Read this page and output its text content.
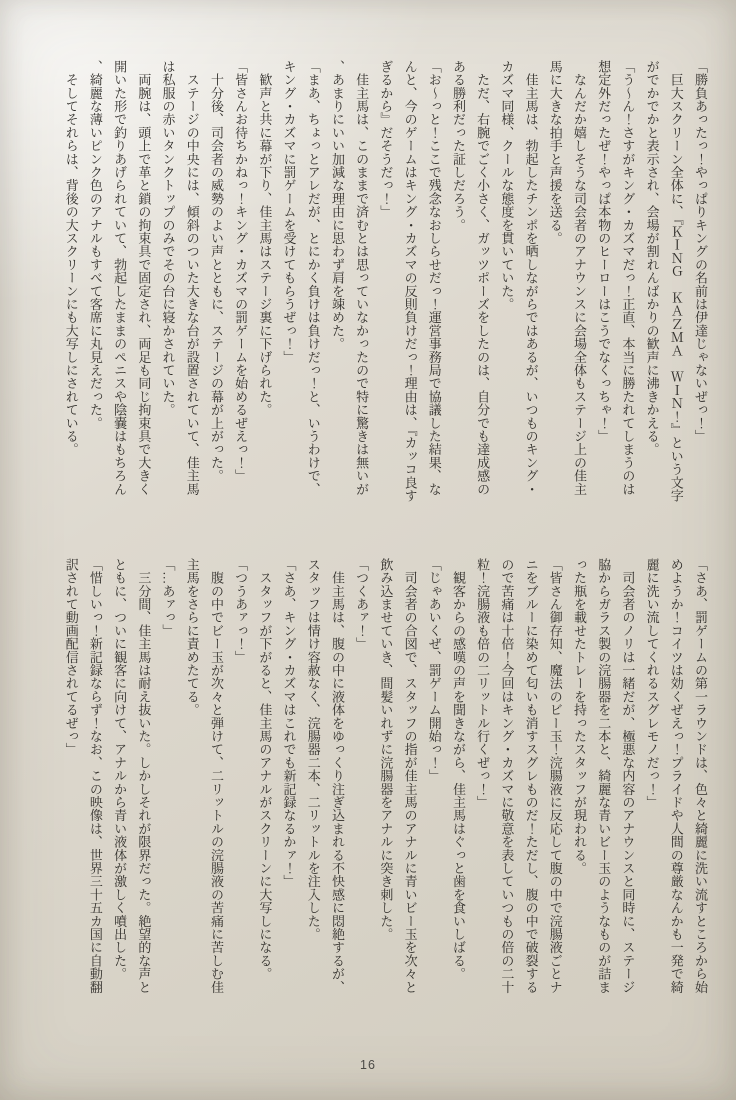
「勝負あったっ！やっぱりキングの名前は伊達じゃないぜっ！」

　巨大スクリーン全体に、『ＫＩＮＧ　ＫＡＺＭＡ　ＷＩＮ！』という文字がでかでかと表示され、会場が割れんばかりの歓声に沸きかえる。

「う〜ん！さすがキング・カズマだっ！正直、本当に勝たれてしまうのは想定外だったぜ！やっぱ本物のヒーローはこうでなくっちゃ！」

　なんだか嬉しそうな司会者のアナウンスに会場全体もステージ上の佳主馬に大きな拍手と声援を送る。

　佳主馬は、勃起したチンポを晒しながらではあるが、いつものキング・カズマ同様、クールな態度を貫いていた。

　ただ、右腕でごく小さく、ガッツポーズをしたのは、自分でも達成感のある勝利だった証しだろう。

「お〜っと！ここで残念なおしらせだっ！運営事務局で協議した結果、なんと、今のゲームはキング・カズマの反則負けだっ！理由は、『カッコ良すぎるから』だそうだっ！」

　佳主馬は、このままで済むとは思っていなかったので特に驚きは無いが、あまりにいい加減な理由に思わず肩を竦めた。

「まあ、ちょっとアレだが、とにかく負けは負けだっ！と、いうわけで、キング・カズマに罰ゲームを受けてもらうぜっ！」

　歓声と共に幕が下り、佳主馬はステージ裏に下げられた。

「皆さんお待ちかねっ！キング・カズマの罰ゲームを始めるぜえっ！」

　十分後、司会者の威勢のよい声とともに、ステージの幕が上がった。

　ステージの中央には、傾斜のついた大きな台が設置されていて、佳主馬は私服の赤いタンクトップのみでその台に寝かされていた。

　両腕は、頭上で革と鎖の拘束具で固定され、両足も同じ拘束具で大きく開いた形で釣りあげられていて、勃起したままのペニスや陰嚢はもちろん、綺麗な薄いピンク色のアナルもすべて客席に丸見えだった。

　そしてそれらは、背後の大スクリーンにも大写しにされている。

「さあ、罰ゲームの第一ラウンドは、色々と綺麗に洗い流すところから始めようか！コイツは効くぜえっ！プライドや人間の尊厳なんかも一発で綺麗に洗い流してくれるスグレモノだっ！」

　司会者のノリは一緒だが、極悪な内容のアナウンスと同時に、ステージ脇からガラス製の浣腸器を二本と、綺麗な青いビー玉のようなものが詰まった瓶を載せたトレーを持ったスタッフが現われる。

「皆さん御存知、魔法のビー玉！浣腸液に反応して腹の中で浣腸液ごとナニをブルーに染めて匂いも消すスグレものだ！ただし、腹の中で破裂するので苦痛は十倍！今回はキング・カズマに敬意を表していつもの倍の二十粒！浣腸液も倍の二リットル行くぜっ！」

　観客からの感嘆の声を聞きながら、佳主馬はぐっと歯を食いしばる。

「じゃあいくぜ、罰ゲーム開始っ！」

　司会者の合図で、スタッフの指が佳主馬のアナルに青いビー玉を次々と飲み込ませていき、間髪いれずに浣腸器をアナルに突き刺した。

「つくあァ！」

　佳主馬は、腹の中に液体をゆっくり注ぎ込まれる不快感に悶絶するが、スタッフは情け容赦なく、浣腸器二本、二リットルを注入した。

「さあ、キング・カズマはこれでも新記録なるかァ！」

　スタッフが下がると、佳主馬のアナルがスクリーンに大写しになる。

「つうあァっ！」

　腹の中でビー玉が次々と弾けて、二リットルの浣腸液の苦痛に苦しむ佳主馬をさらに責めたてる。

「…あァっ」

　三分間、佳主馬は耐え抜いた。しかしそれが限界だった。絶望的な声とともに、ついに観客に向けて、アナルから青い液体が激しく噴出した。

「惜しいっ！新記録ならず！なお、この映像は、世界三十五カ国に自動翻訳されて動画配信されてるぜっ」

16
